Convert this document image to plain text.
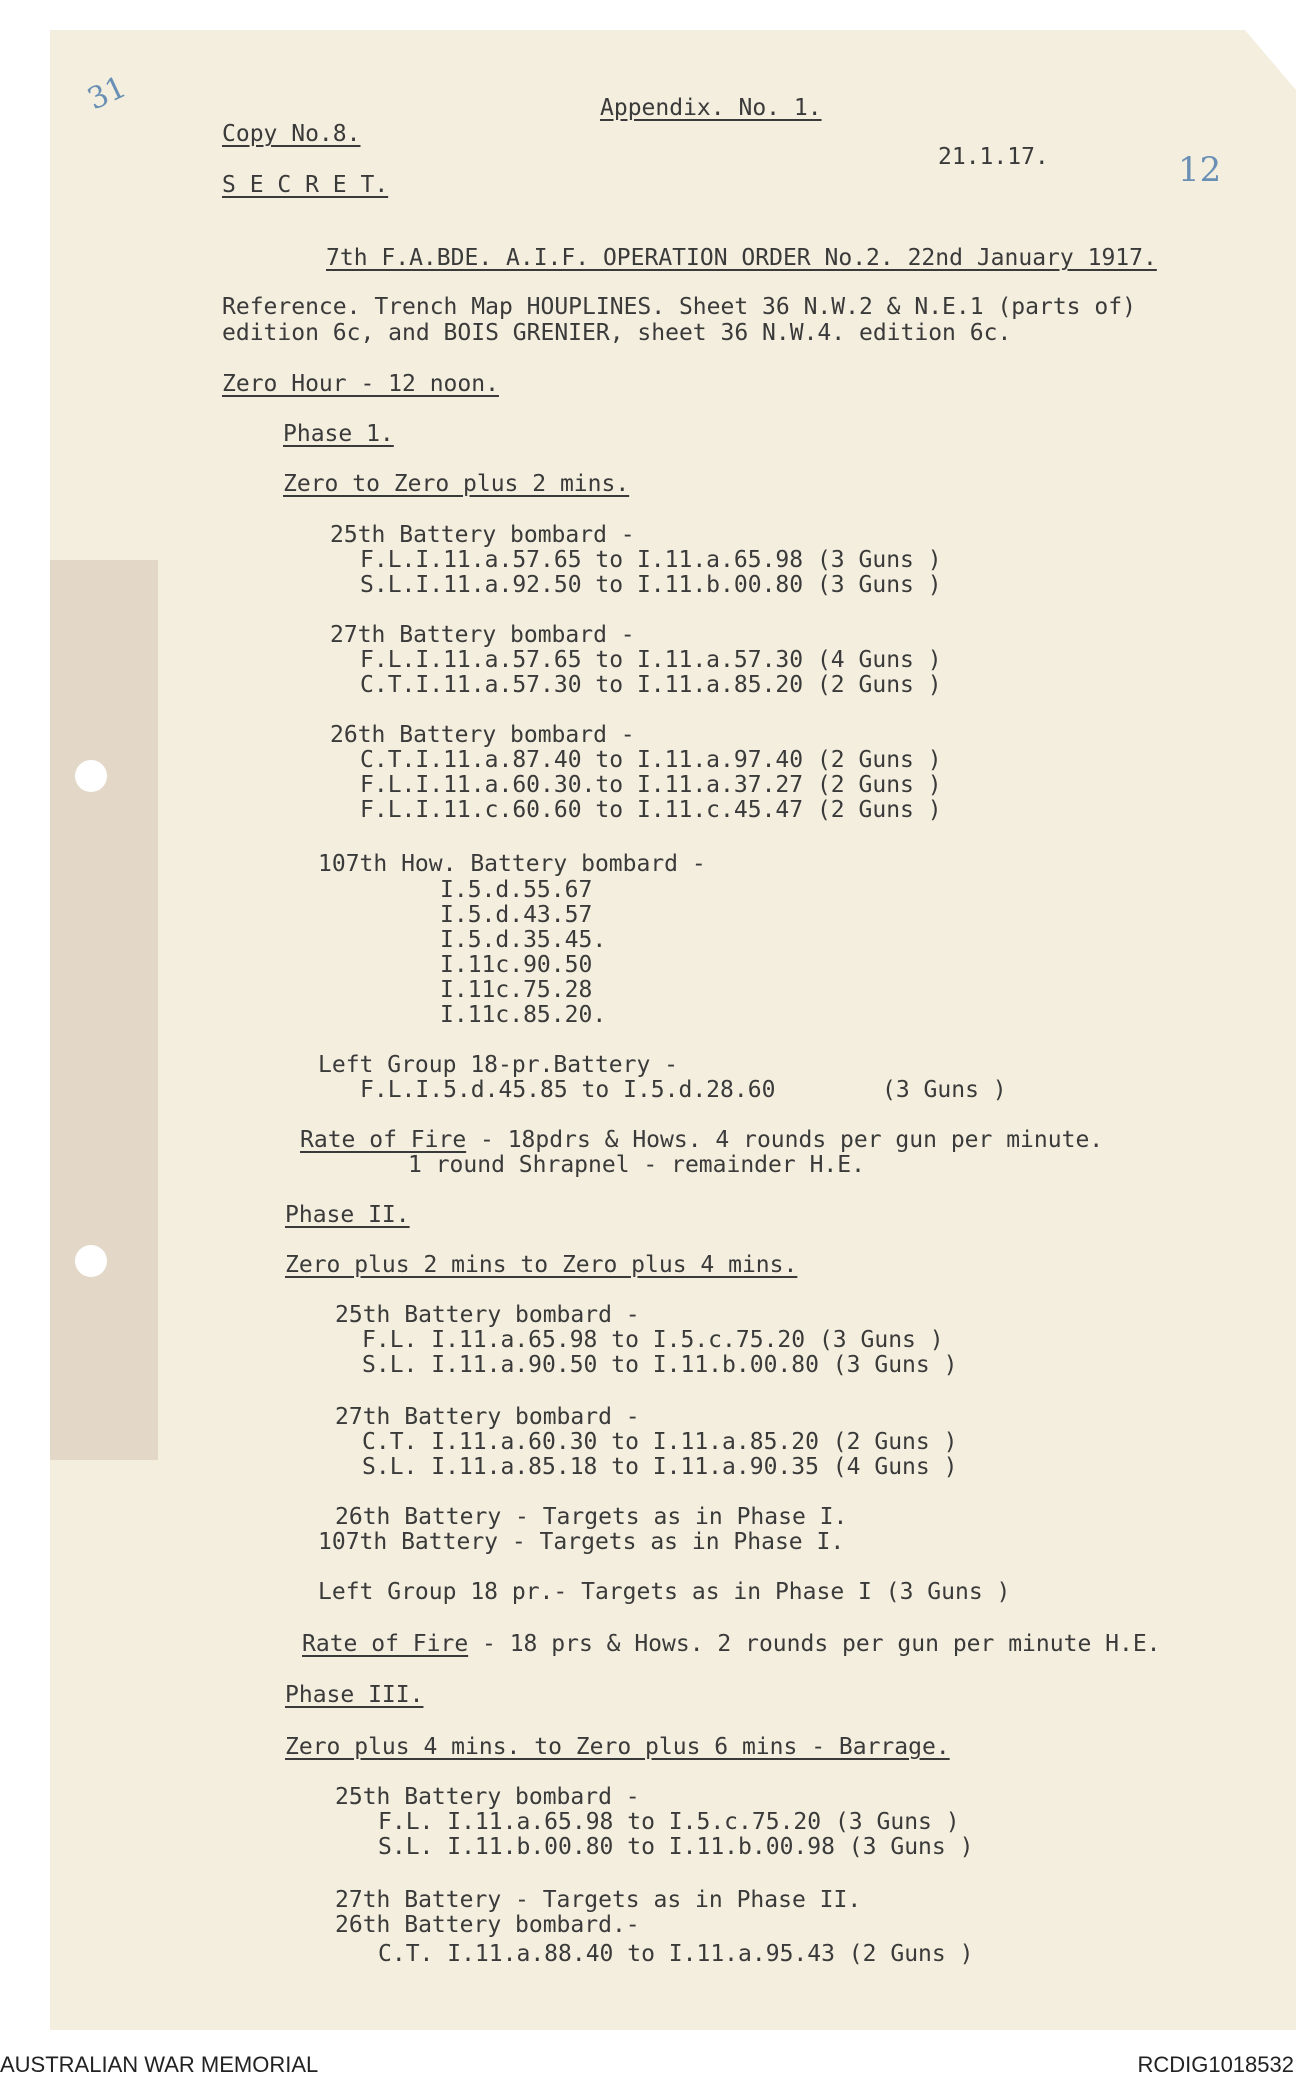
31
12
Appendix. No. 1.
Copy No.8.
21.1.17.
S E C R E T.
7th F.A.BDE. A.I.F. OPERATION ORDER No.2. 22nd January 1917.
Reference. Trench Map HOUPLINES. Sheet 36 N.W.2 & N.E.1 (parts of)
edition 6c, and BOIS GRENIER, sheet 36 N.W.4. edition 6c.
Zero Hour - 12 noon.
Phase 1.
Zero to Zero plus 2 mins.
25th Battery bombard -
F.L.I.11.a.57.65 to I.11.a.65.98 (3 Guns )
S.L.I.11.a.92.50 to I.11.b.00.80 (3 Guns )
27th Battery bombard -
F.L.I.11.a.57.65 to I.11.a.57.30 (4 Guns )
C.T.I.11.a.57.30 to I.11.a.85.20 (2 Guns )
26th Battery bombard -
C.T.I.11.a.87.40 to I.11.a.97.40 (2 Guns )
F.L.I.11.a.60.30.to I.11.a.37.27 (2 Guns )
F.L.I.11.c.60.60 to I.11.c.45.47 (2 Guns )
107th How. Battery bombard -
I.5.d.55.67
I.5.d.43.57
I.5.d.35.45.
I.11c.90.50
I.11c.75.28
I.11c.85.20.
Left Group 18-pr.Battery -
F.L.I.5.d.45.85 to I.5.d.28.60	(3 Guns )
Rate of Fire - 18pdrs & Hows. 4 rounds per gun per minute.
1 round Shrapnel - remainder H.E.
Phase II.
Zero plus 2 mins to Zero plus 4 mins.
25th Battery bombard -
F.L. I.11.a.65.98 to I.5.c.75.20 (3 Guns )
S.L. I.11.a.90.50 to I.11.b.00.80 (3 Guns )
27th Battery bombard -
C.T. I.11.a.60.30 to I.11.a.85.20 (2 Guns )
S.L. I.11.a.85.18 to I.11.a.90.35 (4 Guns )
26th Battery - Targets as in Phase I.
107th Battery - Targets as in Phase I.
Left Group 18 pr.- Targets as in Phase I (3 Guns )
Rate of Fire - 18 prs & Hows. 2 rounds per gun per minute H.E.
Phase III.
Zero plus 4 mins. to Zero plus 6 mins - Barrage.
25th Battery bombard -
F.L. I.11.a.65.98 to I.5.c.75.20 (3 Guns )
S.L. I.11.b.00.80 to I.11.b.00.98 (3 Guns )
27th Battery - Targets as in Phase II.
26th Battery bombard.-
C.T. I.11.a.88.40 to I.11.a.95.43 (2 Guns )
AUSTRALIAN WAR MEMORIAL	RCDIG1018532
